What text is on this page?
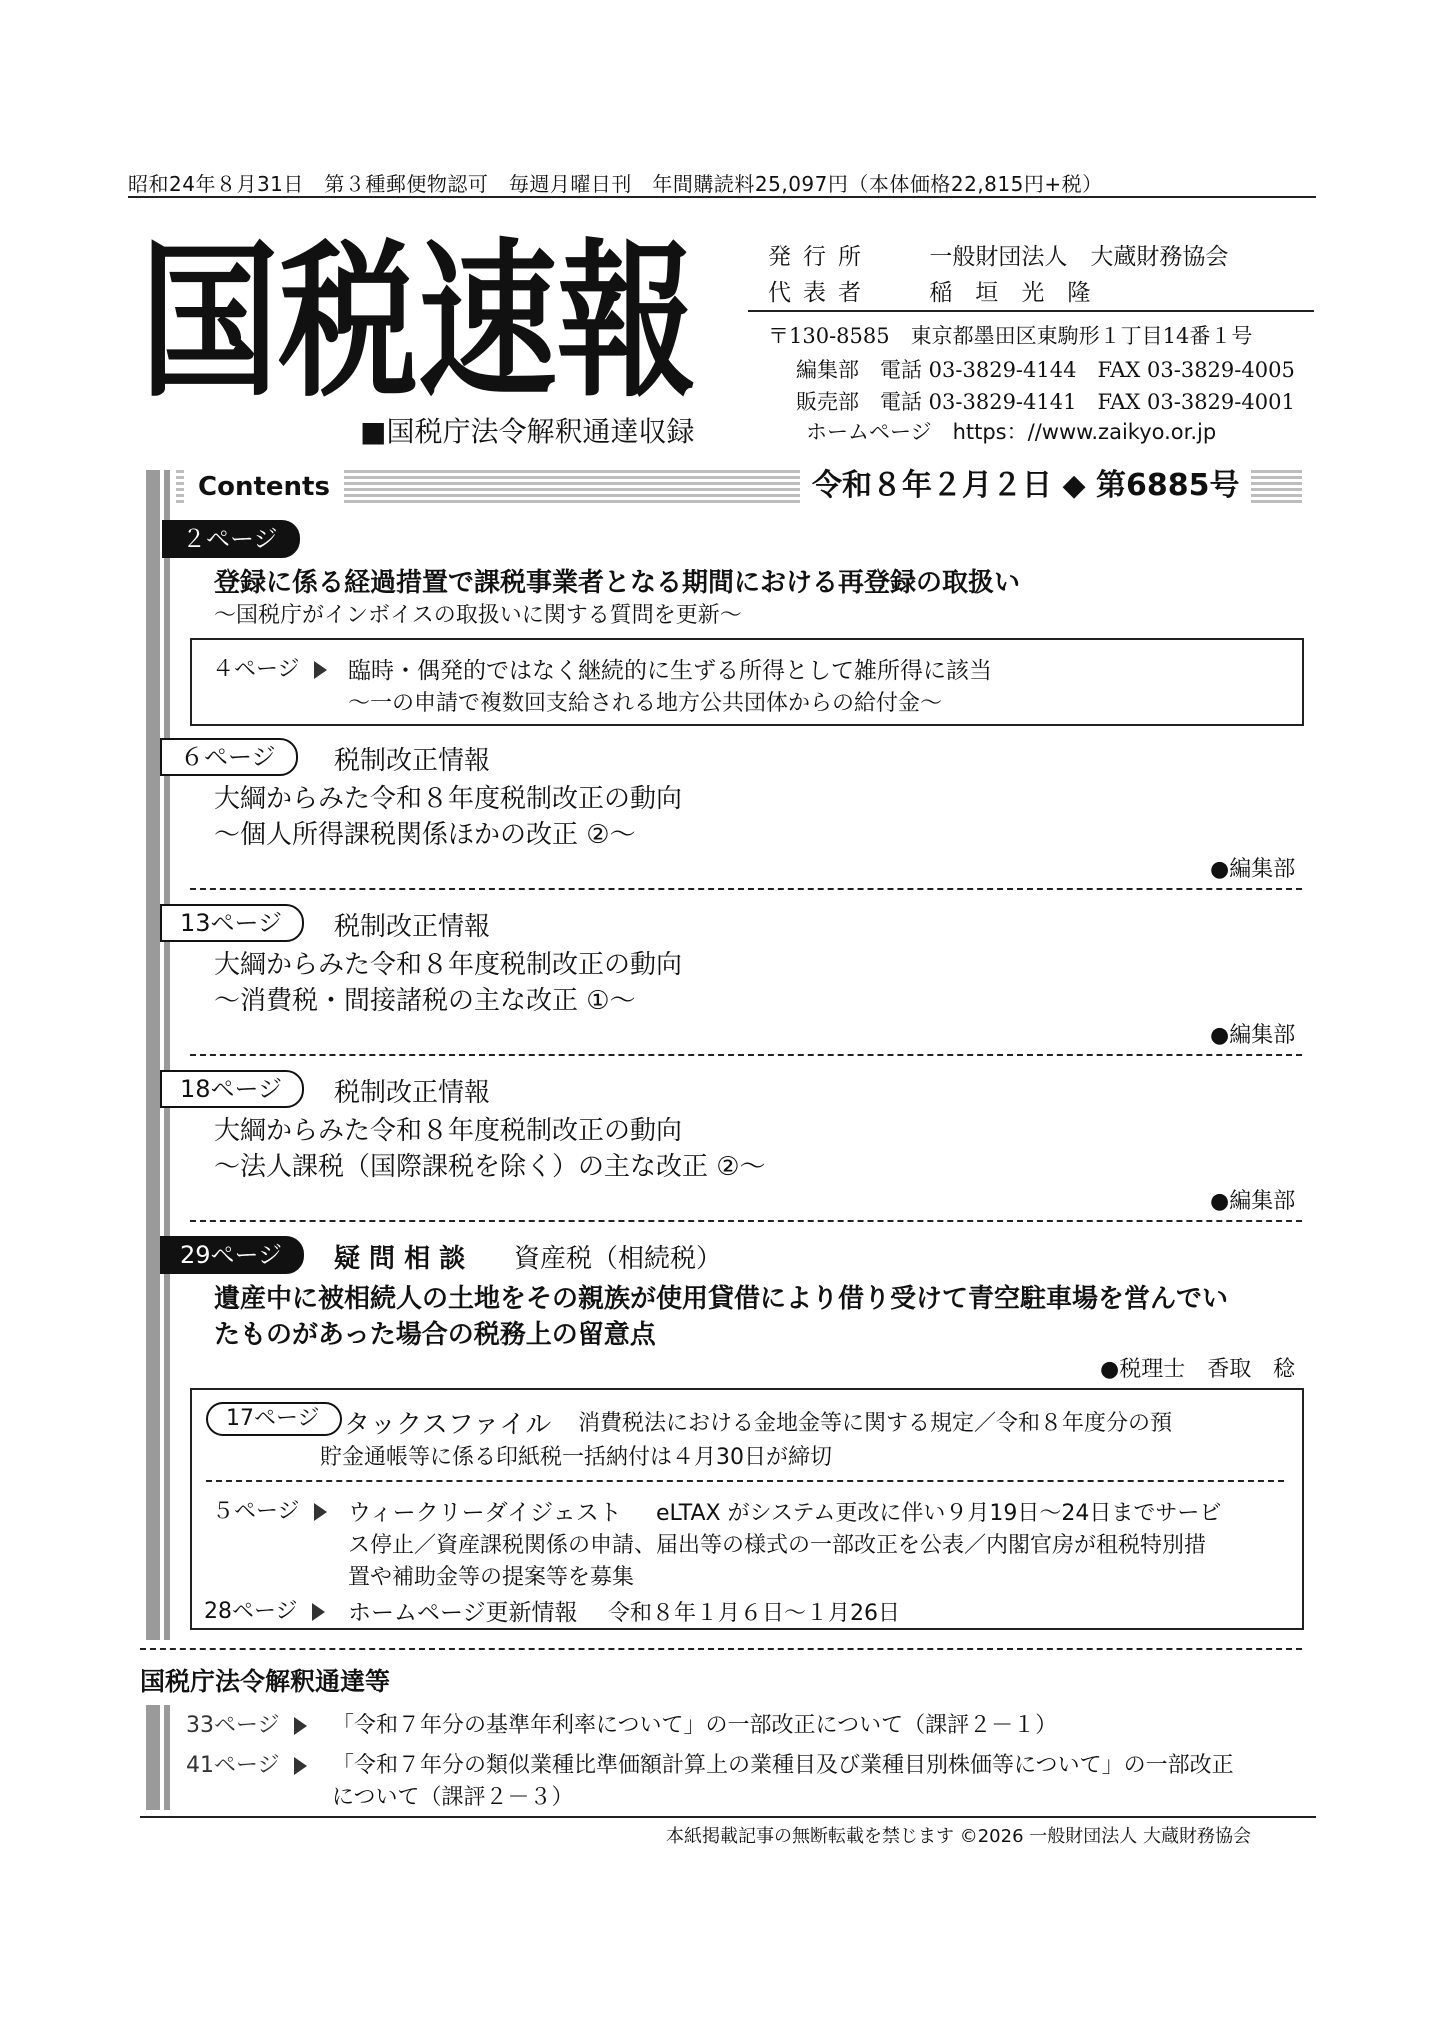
昭和24年８月31日　第３種郵便物認可　毎週月曜日刊　年間購読料25,097円（本体価格22,815円+税）
国税速報
■国税庁法令解釈通達収録
発行所 一般財団法人　大蔵財務協会
代表者 稲　垣　光　隆
〒130-8585　東京都墨田区東駒形１丁目14番１号
編集部　電話 03-3829-4144　FAX 03-3829-4005
販売部　電話 03-3829-4141　FAX 03-3829-4001
ホームページ　https：//www.zaikyo.or.jp
Contents	令和８年２月２日 ◆ 第6885号
２ページ
登録に係る経過措置で課税事業者となる期間における再登録の取扱い
～国税庁がインボイスの取扱いに関する質問を更新～
４ページ	臨時・偶発的ではなく継続的に生ずる所得として雑所得に該当
～一の申請で複数回支給される地方公共団体からの給付金～
６ページ	税制改正情報
大綱からみた令和８年度税制改正の動向
～個人所得課税関係ほかの改正 ②～
●編集部
13ページ	税制改正情報
大綱からみた令和８年度税制改正の動向
～消費税・間接諸税の主な改正 ①～
●編集部
18ページ	税制改正情報
大綱からみた令和８年度税制改正の動向
～法人課税（国際課税を除く）の主な改正 ②～
●編集部
29ページ	疑 問 相 談 資産税（相続税）
遺産中に被相続人の土地をその親族が使用貸借により借り受けて青空駐車場を営んでい
たものがあった場合の税務上の留意点
●税理士　香取　稔
17ページ タックスファイル 消費税法における金地金等に関する規定／令和８年度分の預
貯金通帳等に係る印紙税一括納付は４月30日が締切
５ページ	ウィークリーダイジェスト eLTAX がシステム更改に伴い９月19日～24日までサービ
ス停止／資産課税関係の申請、届出等の様式の一部改正を公表／内閣官房が租税特別措
置や補助金等の提案等を募集
28ページ	ホームページ更新情報 令和８年１月６日～１月26日
国税庁法令解釈通達等
33ページ	「令和７年分の基準年利率について」の一部改正について（課評２－１）
41ページ	「令和７年分の類似業種比準価額計算上の業種目及び業種目別株価等について」の一部改正
について（課評２－３）
本紙掲載記事の無断転載を禁じます ©2026 一般財団法人 大蔵財務協会
